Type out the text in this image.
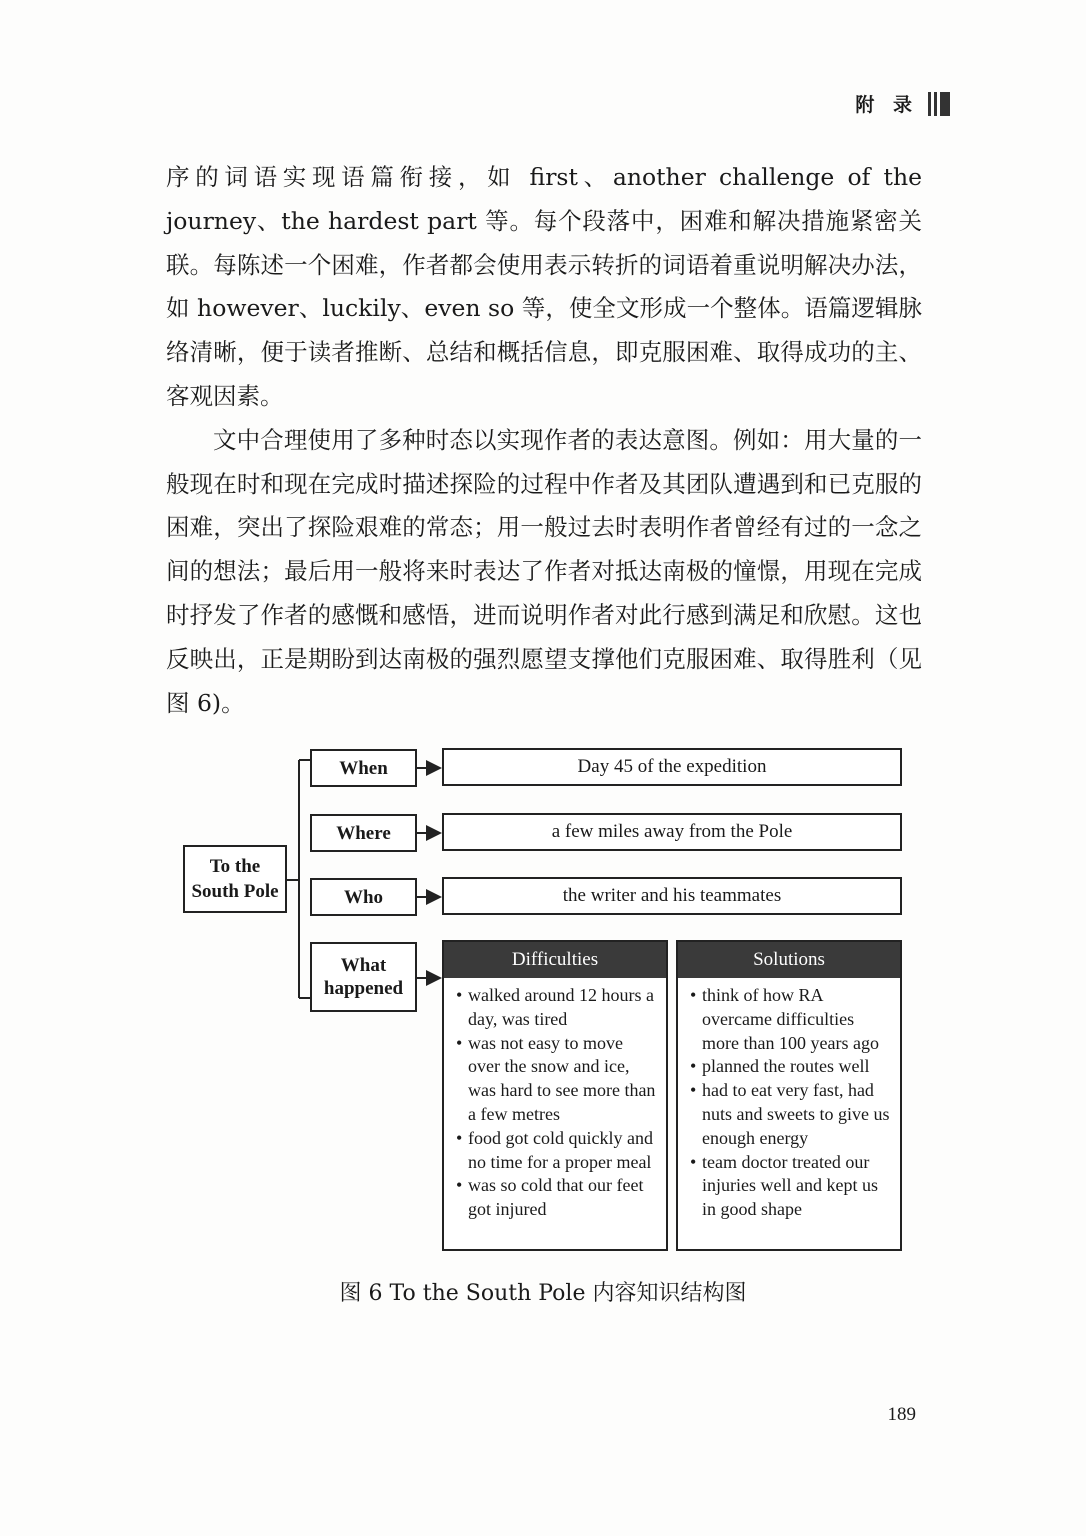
附 录

序的词语实现语篇衔接，如 first、another challenge of the journey、the hardest part 等。每个段落中，困难和解决措施紧密关联。每陈述一个困难，作者都会使用表示转折的词语着重说明解决办法，如 however、luckily、even so 等，使全文形成一个整体。语篇逻辑脉络清晰，便于读者推断、总结和概括信息，即克服困难、取得成功的主、客观因素。

文中合理使用了多种时态以实现作者的表达意图。例如：用大量的一般现在时和现在完成时描述探险的过程中作者及其团队遭遇到和已克服的困难，突出了探险艰难的常态；用一般过去时表明作者曾经有过的一念之间的想法；最后用一般将来时表达了作者对抵达南极的憧憬，用现在完成时抒发了作者的感慨和感悟，进而说明作者对此行感到满足和欣慰。这也反映出，正是期盼到达南极的强烈愿望支撑他们克服困难、取得胜利（见图 6)。

To the South Pole
When	Day 45 of the expedition
Where	a few miles away from the Pole
Who	the writer and his teammates
What happened
Difficulties
• walked around 12 hours a day, was tired
• was not easy to move over the snow and ice, was hard to see more than a few metres
• food got cold quickly and no time for a proper meal
• was so cold that our feet got injured
Solutions
• think of how RA overcame difficulties more than 100 years ago
• planned the routes well
• had to eat very fast, had nuts and sweets to give us enough energy
• team doctor treated our injuries well and kept us in good shape
图 6 To the South Pole 内容知识结构图
189
